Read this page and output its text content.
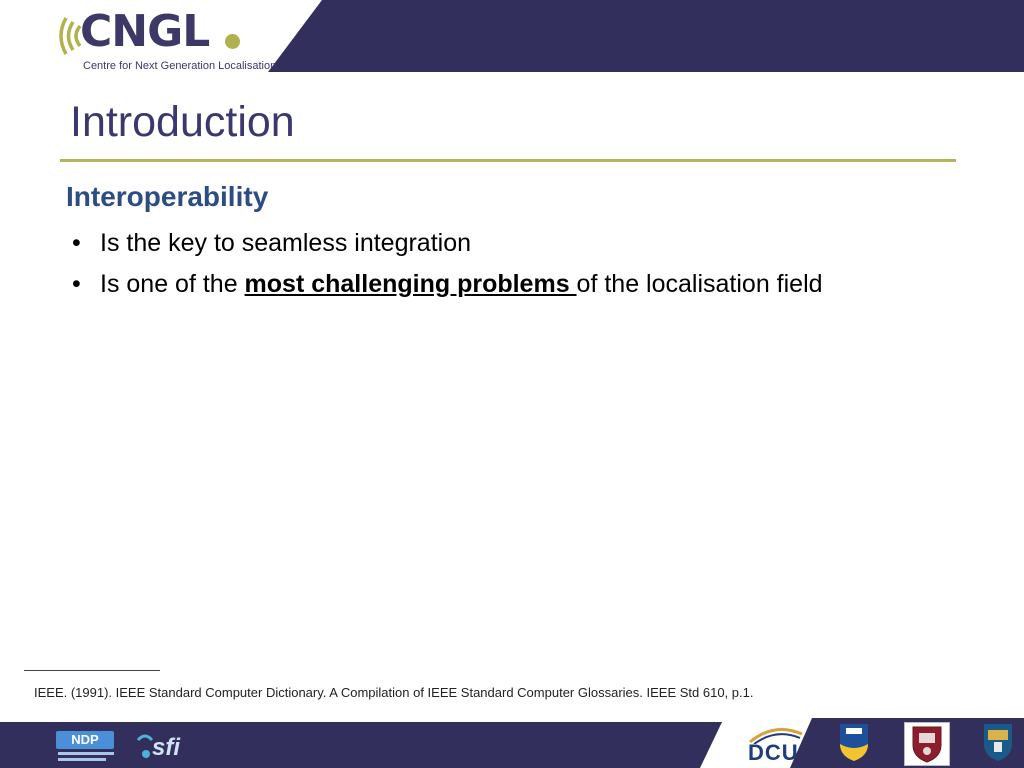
CNGL
Centre for Next Generation Localisation
Introduction
Interoperability
• Is the key to seamless integration
• Is one of the most challenging problems of the localisation field
IEEE. (1991). IEEE Standard Computer Dictionary. A Compilation of IEEE Standard Computer Glossaries. IEEE Std 610, p.1.
NDP	sfi	DCU
